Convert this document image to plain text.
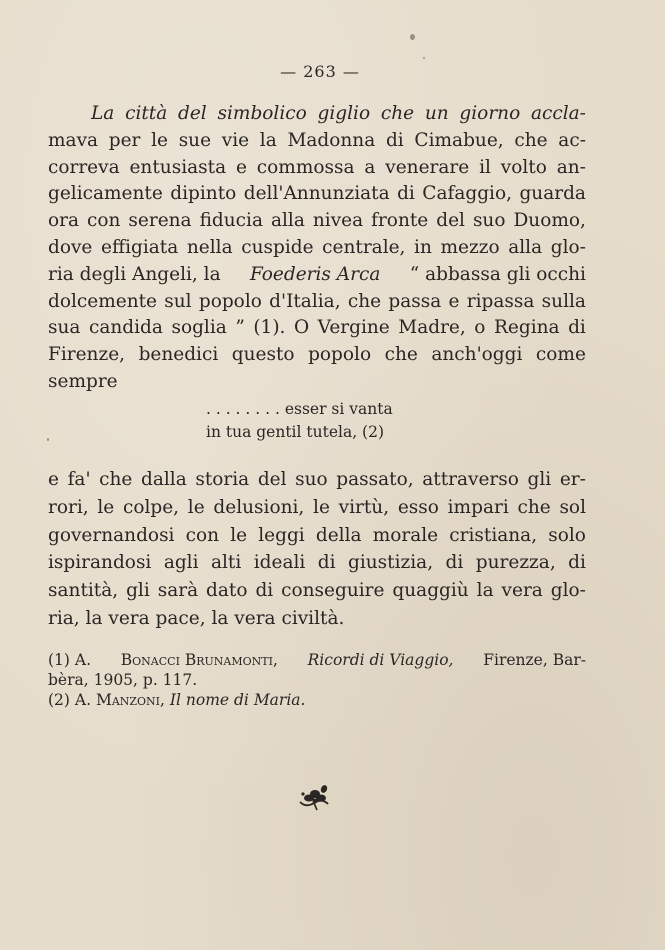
— 263 —
La città del simbolico giglio che un giorno accla-
mava per le sue vie la Madonna di Cimabue, che ac-
correva entusiasta e commossa a venerare il volto an-
gelicamente dipinto dell'Annunziata di Cafaggio, guarda
ora con serena fiducia alla nivea fronte del suo Duomo,
dove effigiata nella cuspide centrale, in mezzo alla glo-
ria degli Angeli, la Foederis Arca “ abbassa gli occhi
dolcemente sul popolo d'Italia, che passa e ripassa sulla
sua candida soglia ” (1). O Vergine Madre, o Regina di
Firenze, benedici questo popolo che anch'oggi come
sempre
. . . . . . . . esser si vanta
in tua gentil tutela, (2)
e fa' che dalla storia del suo passato, attraverso gli er-
rori, le colpe, le delusioni, le virtù, esso impari che sol
governandosi con le leggi della morale cristiana, solo
ispirandosi agli alti ideali di giustizia, di purezza, di
santità, gli sarà dato di conseguire quaggiù la vera glo-
ria, la vera pace, la vera civiltà.
(1) A. Bonacci Brunamonti, Ricordi di Viaggio, Firenze, Bar-
bèra, 1905, p. 117.
(2) A. Manzoni, Il nome di Maria.
